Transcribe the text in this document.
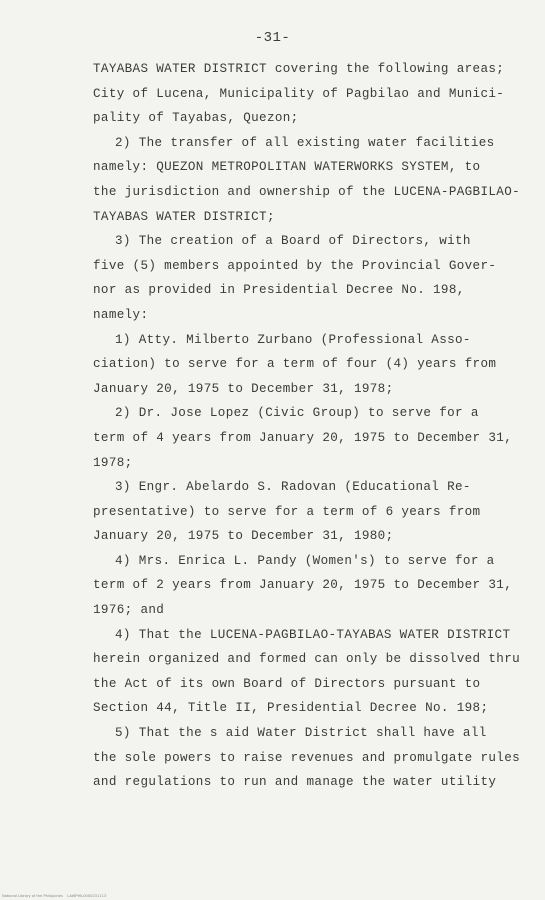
-31-
TAYABAS WATER DISTRICT covering the following areas;
City of Lucena, Municipality of Pagbilao and Munici-
pality of Tayabas, Quezon;
2) The transfer of all existing water facilities
namely: QUEZON METROPOLITAN WATERWORKS SYSTEM, to
the jurisdiction and ownership of the LUCENA-PAGBILAO-
TAYABAS WATER DISTRICT;
3) The creation of a Board of Directors, with
five (5) members appointed by the Provincial Gover-
nor as provided in Presidential Decree No. 198,
namely:
1) Atty. Milberto Zurbano (Professional Asso-
ciation) to serve for a term of four (4) years from
January 20, 1975 to December 31, 1978;
2) Dr. Jose Lopez (Civic Group) to serve for a
term of 4 years from January 20, 1975 to December 31,
1978;
3) Engr. Abelardo S. Radovan (Educational Re-
presentative) to serve for a term of 6 years from
January 20, 1975 to December 31, 1980;
4) Mrs. Enrica L. Pandy (Women's) to serve for a
term of 2 years from January 20, 1975 to December 31,
1976; and
4) That the LUCENA-PAGBILAO-TAYABAS WATER DISTRICT
herein organized and formed can only be dissolved thru
the Act of its own Board of Directors pursuant to
Section 44, Title II, Presidential Decree No. 198;
5) That the s aid Water District shall have all
the sole powers to raise revenues and promulgate rules
and regulations to run and manage the water utility
National Library of the Philippines    LAWPHIL0000231113
